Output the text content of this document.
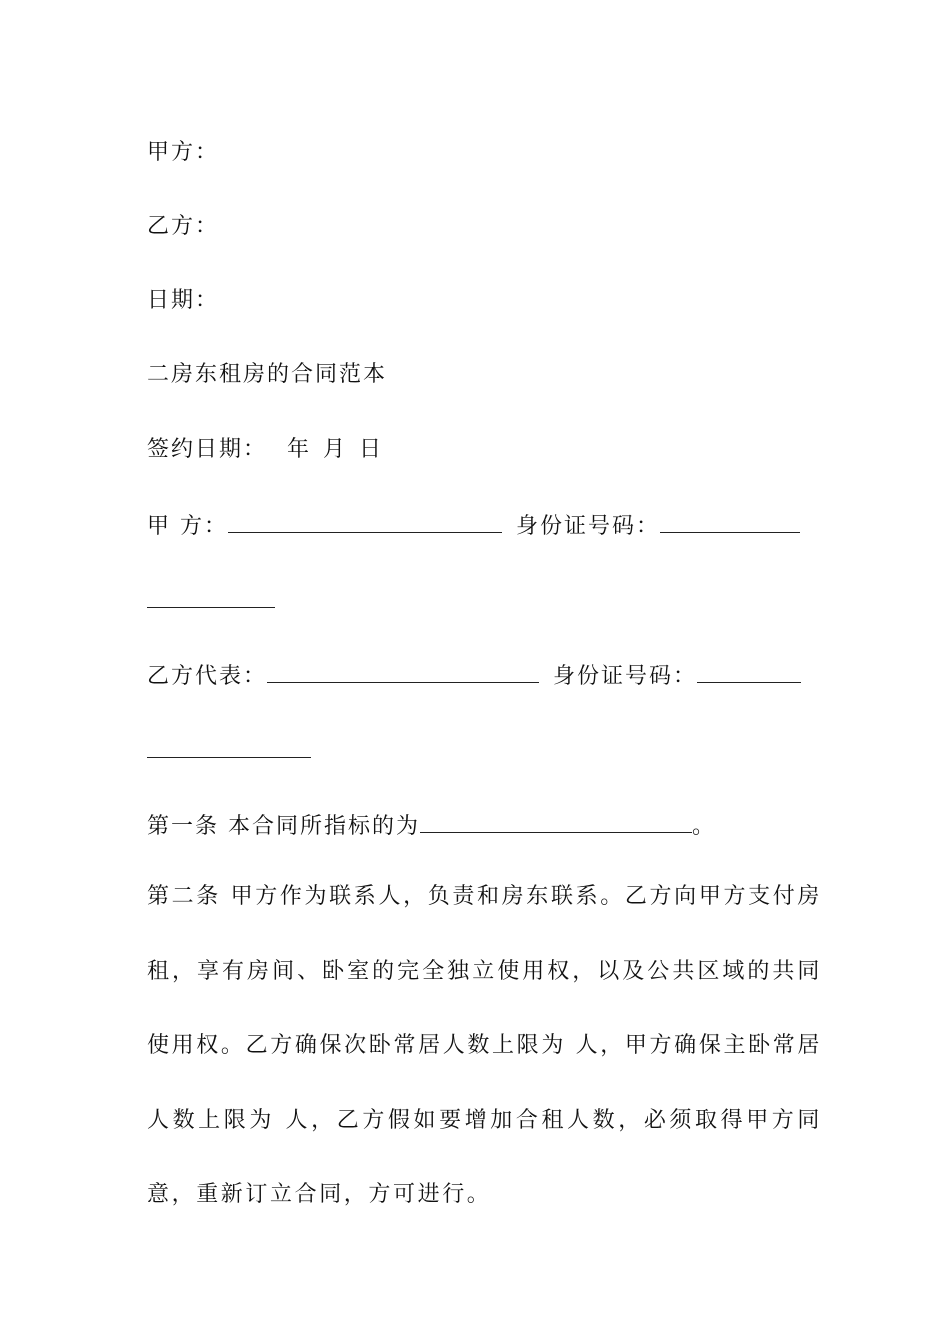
甲方：
乙方：
日期：
二房东租房的合同范本
签约日期： 年 月 日
甲 方：	身份证号码：
乙方代表：	身份证号码：
第一条 本合同所指标的为	。
第二条 甲方作为联系人，负责和房东联系。乙方向甲方支付房租，享有房间、卧室的完全独立使用权，以及公共区域的共同使用权。乙方确保次卧常居人数上限为 人，甲方确保主卧常居人数上限为 人，乙方假如要增加合租人数，必须取得甲方同意，重新订立合同，方可进行。
